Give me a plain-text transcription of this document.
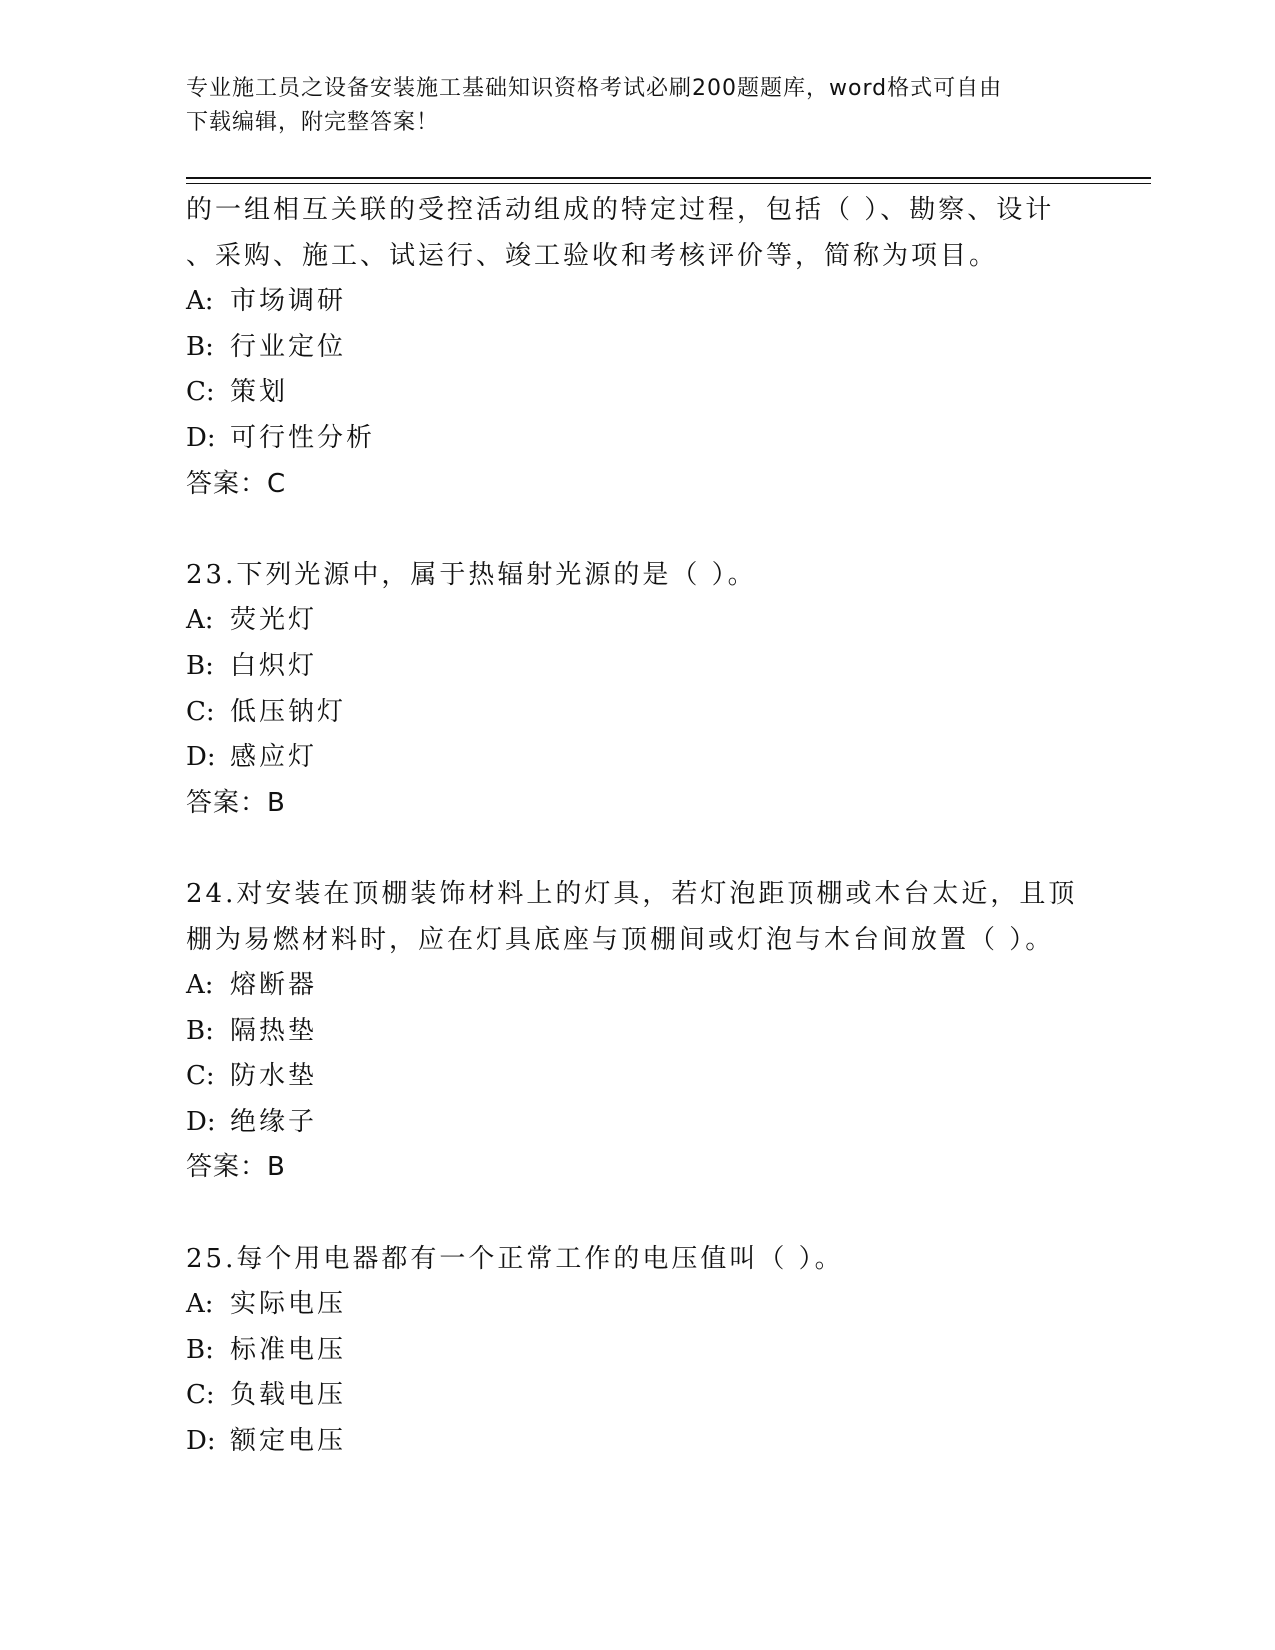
专业施工员之设备安装施工基础知识资格考试必刷200题题库，word格式可自由
下载编辑，附完整答案！
的一组相互关联的受控活动组成的特定过程，包括（ ）、勘察、设计
、采购、施工、试运行、竣工验收和考核评价等，简称为项目。
A: 市场调研
B: 行业定位
C: 策划
D: 可行性分析
答案：C
23.下列光源中，属于热辐射光源的是（ ）。
A: 荧光灯
B: 白炽灯
C: 低压钠灯
D: 感应灯
答案：B
24.对安装在顶棚装饰材料上的灯具，若灯泡距顶棚或木台太近，且顶
棚为易燃材料时，应在灯具底座与顶棚间或灯泡与木台间放置（ ）。
A: 熔断器
B: 隔热垫
C: 防水垫
D: 绝缘子
答案：B
25.每个用电器都有一个正常工作的电压值叫（ ）。
A: 实际电压
B: 标准电压
C: 负载电压
D: 额定电压
